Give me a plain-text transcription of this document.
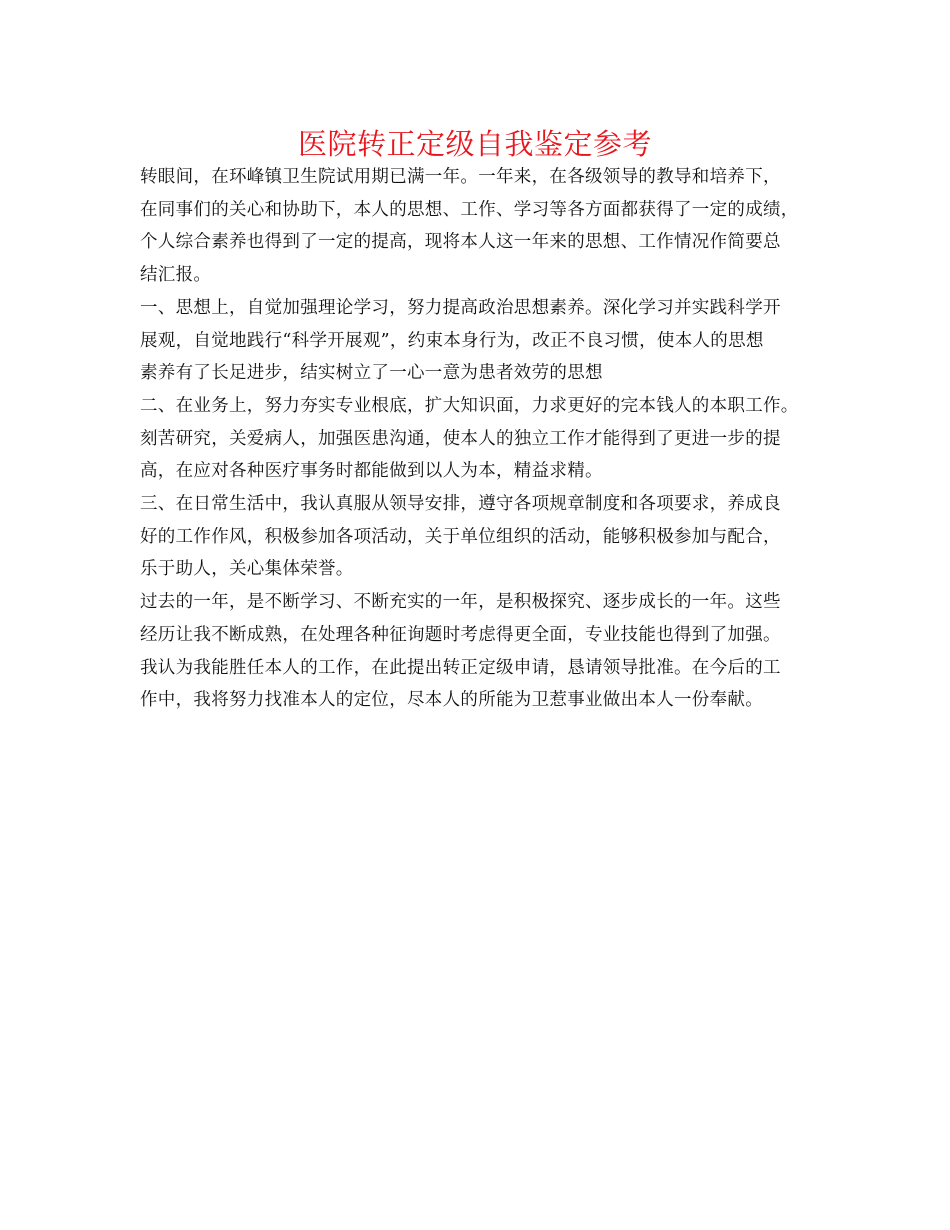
医院转正定级自我鉴定参考
转眼间，在环峰镇卫生院试用期已满一年。一年来，在各级领导的教导和培养下，
在同事们的关心和协助下，本人的思想、工作、学习等各方面都获得了一定的成绩，
个人综合素养也得到了一定的提高，现将本人这一年来的思想、工作情况作简要总
结汇报。
一、思想上，自觉加强理论学习，努力提高政治思想素养。深化学习并实践科学开
展观，自觉地践行“科学开展观”，约束本身行为，改正不良习惯，使本人的思想
素养有了长足进步，结实树立了一心一意为患者效劳的思想
二、在业务上，努力夯实专业根底，扩大知识面，力求更好的完本钱人的本职工作。
刻苦研究，关爱病人，加强医患沟通，使本人的独立工作才能得到了更进一步的提
高，在应对各种医疗事务时都能做到以人为本，精益求精。
三、在日常生活中，我认真服从领导安排，遵守各项规章制度和各项要求，养成良
好的工作作风，积极参加各项活动，关于单位组织的活动，能够积极参加与配合，
乐于助人，关心集体荣誉。
过去的一年，是不断学习、不断充实的一年，是积极探究、逐步成长的一年。这些
经历让我不断成熟，在处理各种征询题时考虑得更全面，专业技能也得到了加强。
我认为我能胜任本人的工作，在此提出转正定级申请，恳请领导批准。在今后的工
作中，我将努力找准本人的定位，尽本人的所能为卫惹事业做出本人一份奉献。
